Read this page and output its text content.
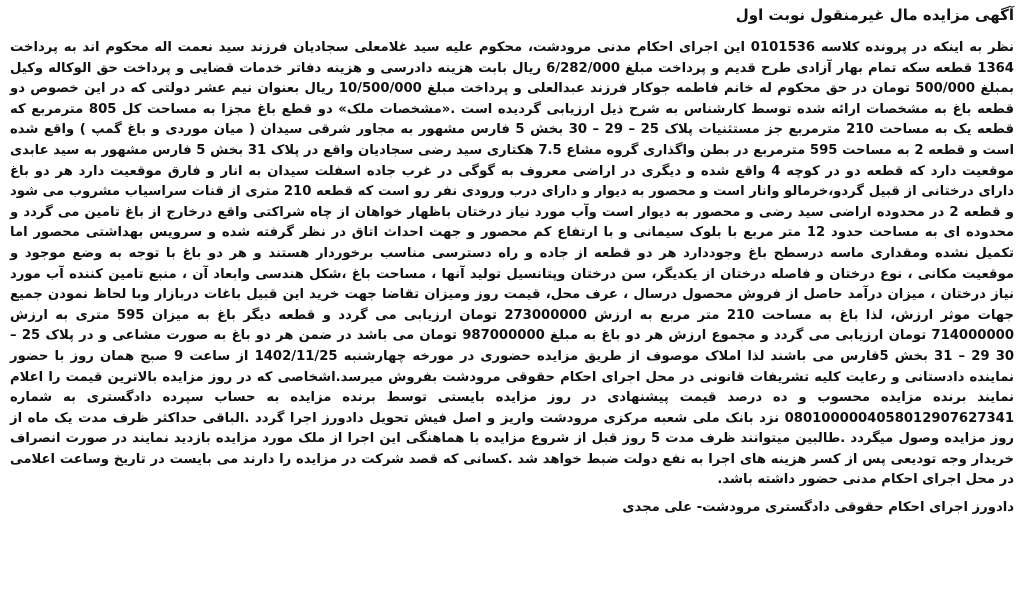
آگهی مزایده مال غیرمنقول نوبت اول

نظر به اینکه در پرونده کلاسه 0101536 این اجرای احکام مدنی مرودشت، محکوم علیه سید غلامعلی سجادیان فرزند سید نعمت اله محکوم اند به پرداخت 1364 قطعه سکه تمام بهار آزادی طرح قدیم و پرداخت مبلغ 6/282/000 ریال بابت هزینه دادرسی و هزینه دفاتر خدمات قضایی و پرداخت حق الوکاله وکیل بمبلغ 500/000 تومان در حق محکوم له خانم فاطمه جوکار فرزند عبدالعلی و پرداخت مبلغ 10/500/000 ریال بعنوان نیم عشر دولتی که در این خصوص دو قطعه باغ به مشخصات ارائه شده توسط کارشناس به شرح ذیل ارزیابی گردیده است .«مشخصات ملک» دو قطع باغ مجزا به مساحت کل 805 مترمربع که قطعه یک به مساحت 210 مترمربع جز مستثنیات پلاک 25 – 29 – 30 بخش 5 فارس مشهور به مجاور شرقی سیدان ( میان موردی و باغ گمپ ) واقع شده است و قطعه 2 به مساحت 595 مترمربع در بطن واگذاری گروه مشاع 7.5 هکتاری سید رضی سجادیان واقع در پلاک 31 بخش 5 فارس مشهور به سید عابدی موقعیت دارد که قطعه دو در کوچه 4 واقع شده و دیگری در اراضی معروف به گوگی در غرب جاده اسفلت سیدان به انار و فارق موقعیت دارد هر دو باغ دارای درختانی از قبیل گردو،خرمالو وانار است و محصور به دیوار و دارای درب ورودی نفر رو است که قطعه 210 متری از قنات سراسیاب مشروب می شود و قطعه 2 در محدوده اراضی سید رضی و محصور به دیوار است وآب مورد نیاز درختان باظهار خواهان از چاه شراکتی واقع درخارج از باغ تامین می گردد و محدوده ای به مساحت حدود 12 متر مربع با بلوک سیمانی و با ارتفاع کم محصور و جهت احداث اتاق در نظر گرفته شده و سرویس بهداشتی محصور اما تکمیل نشده ومقداری ماسه درسطح باغ وجوددارد هر دو قطعه از جاده و راه دسترسی مناسب برخوردار هستند و هر دو باغ با توجه به وضع موجود و موقعیت مکانی ، نوع درختان و فاصله درختان از یکدیگر، سن درختان وپتانسیل تولید آنها ، مساحت باغ ،شکل هندسی وابعاد آن ، منبع تامین کننده آب مورد نیاز درختان ، میزان درآمد حاصل از فروش محصول درسال ، عرف محل، قیمت روز ومیزان تقاضا جهت خرید این قبیل باغات دربازار وبا لحاظ نمودن جمیع جهات موثر ارزش، لذا باغ به مساحت 210 متر مربع به ارزش 273000000 تومان ارزیابی می گردد و قطعه دیگر باغ به میزان 595 متری به ارزش 714000000 تومان ارزیابی می گردد و مجموع ارزش هر دو باغ به مبلغ 987000000 تومان می باشد در ضمن هر دو باغ به صورت مشاعی و در پلاک 25 – 30 29 – 31 بخش 5فارس می باشند لذا املاک موصوف از طریق مزایده حضوری در مورخه چهارشنبه 1402/11/25 از ساعت 9 صبح همان روز با حضور نماینده دادستانی و رعایت کلیه تشریفات قانونی در محل اجرای احکام حقوقی مرودشت بفروش میرسد.اشخاصی که در روز مزایده بالاترین قیمت را اعلام نمایند برنده مزایده محسوب و ده درصد قیمت پیشنهادی در روز مزایده بایستی توسط برنده مزایده به حساب سپرده دادگستری به شماره 0801000004058012907627341 نزد بانک ملی شعبه مرکزی مرودشت واریز و اصل فیش تحویل دادورز اجرا گردد .الباقی حداکثر ظرف مدت یک ماه از روز مزایده وصول میگردد .طالبین میتوانند ظرف مدت 5 روز قبل از شروع مزایده با هماهنگی این اجرا از ملک مورد مزایده بازدید نمایند در صورت انصراف خریدار وجه تودیعی پس از کسر هزینه های اجرا به نفع دولت ضبط خواهد شد .کسانی که قصد شرکت در مزایده را دارند می بایست در تاریخ وساعت اعلامی در محل اجرای احکام مدنی حضور داشته باشد.

دادورز اجرای احکام حقوقی دادگستری مرودشت- علی مجدی
